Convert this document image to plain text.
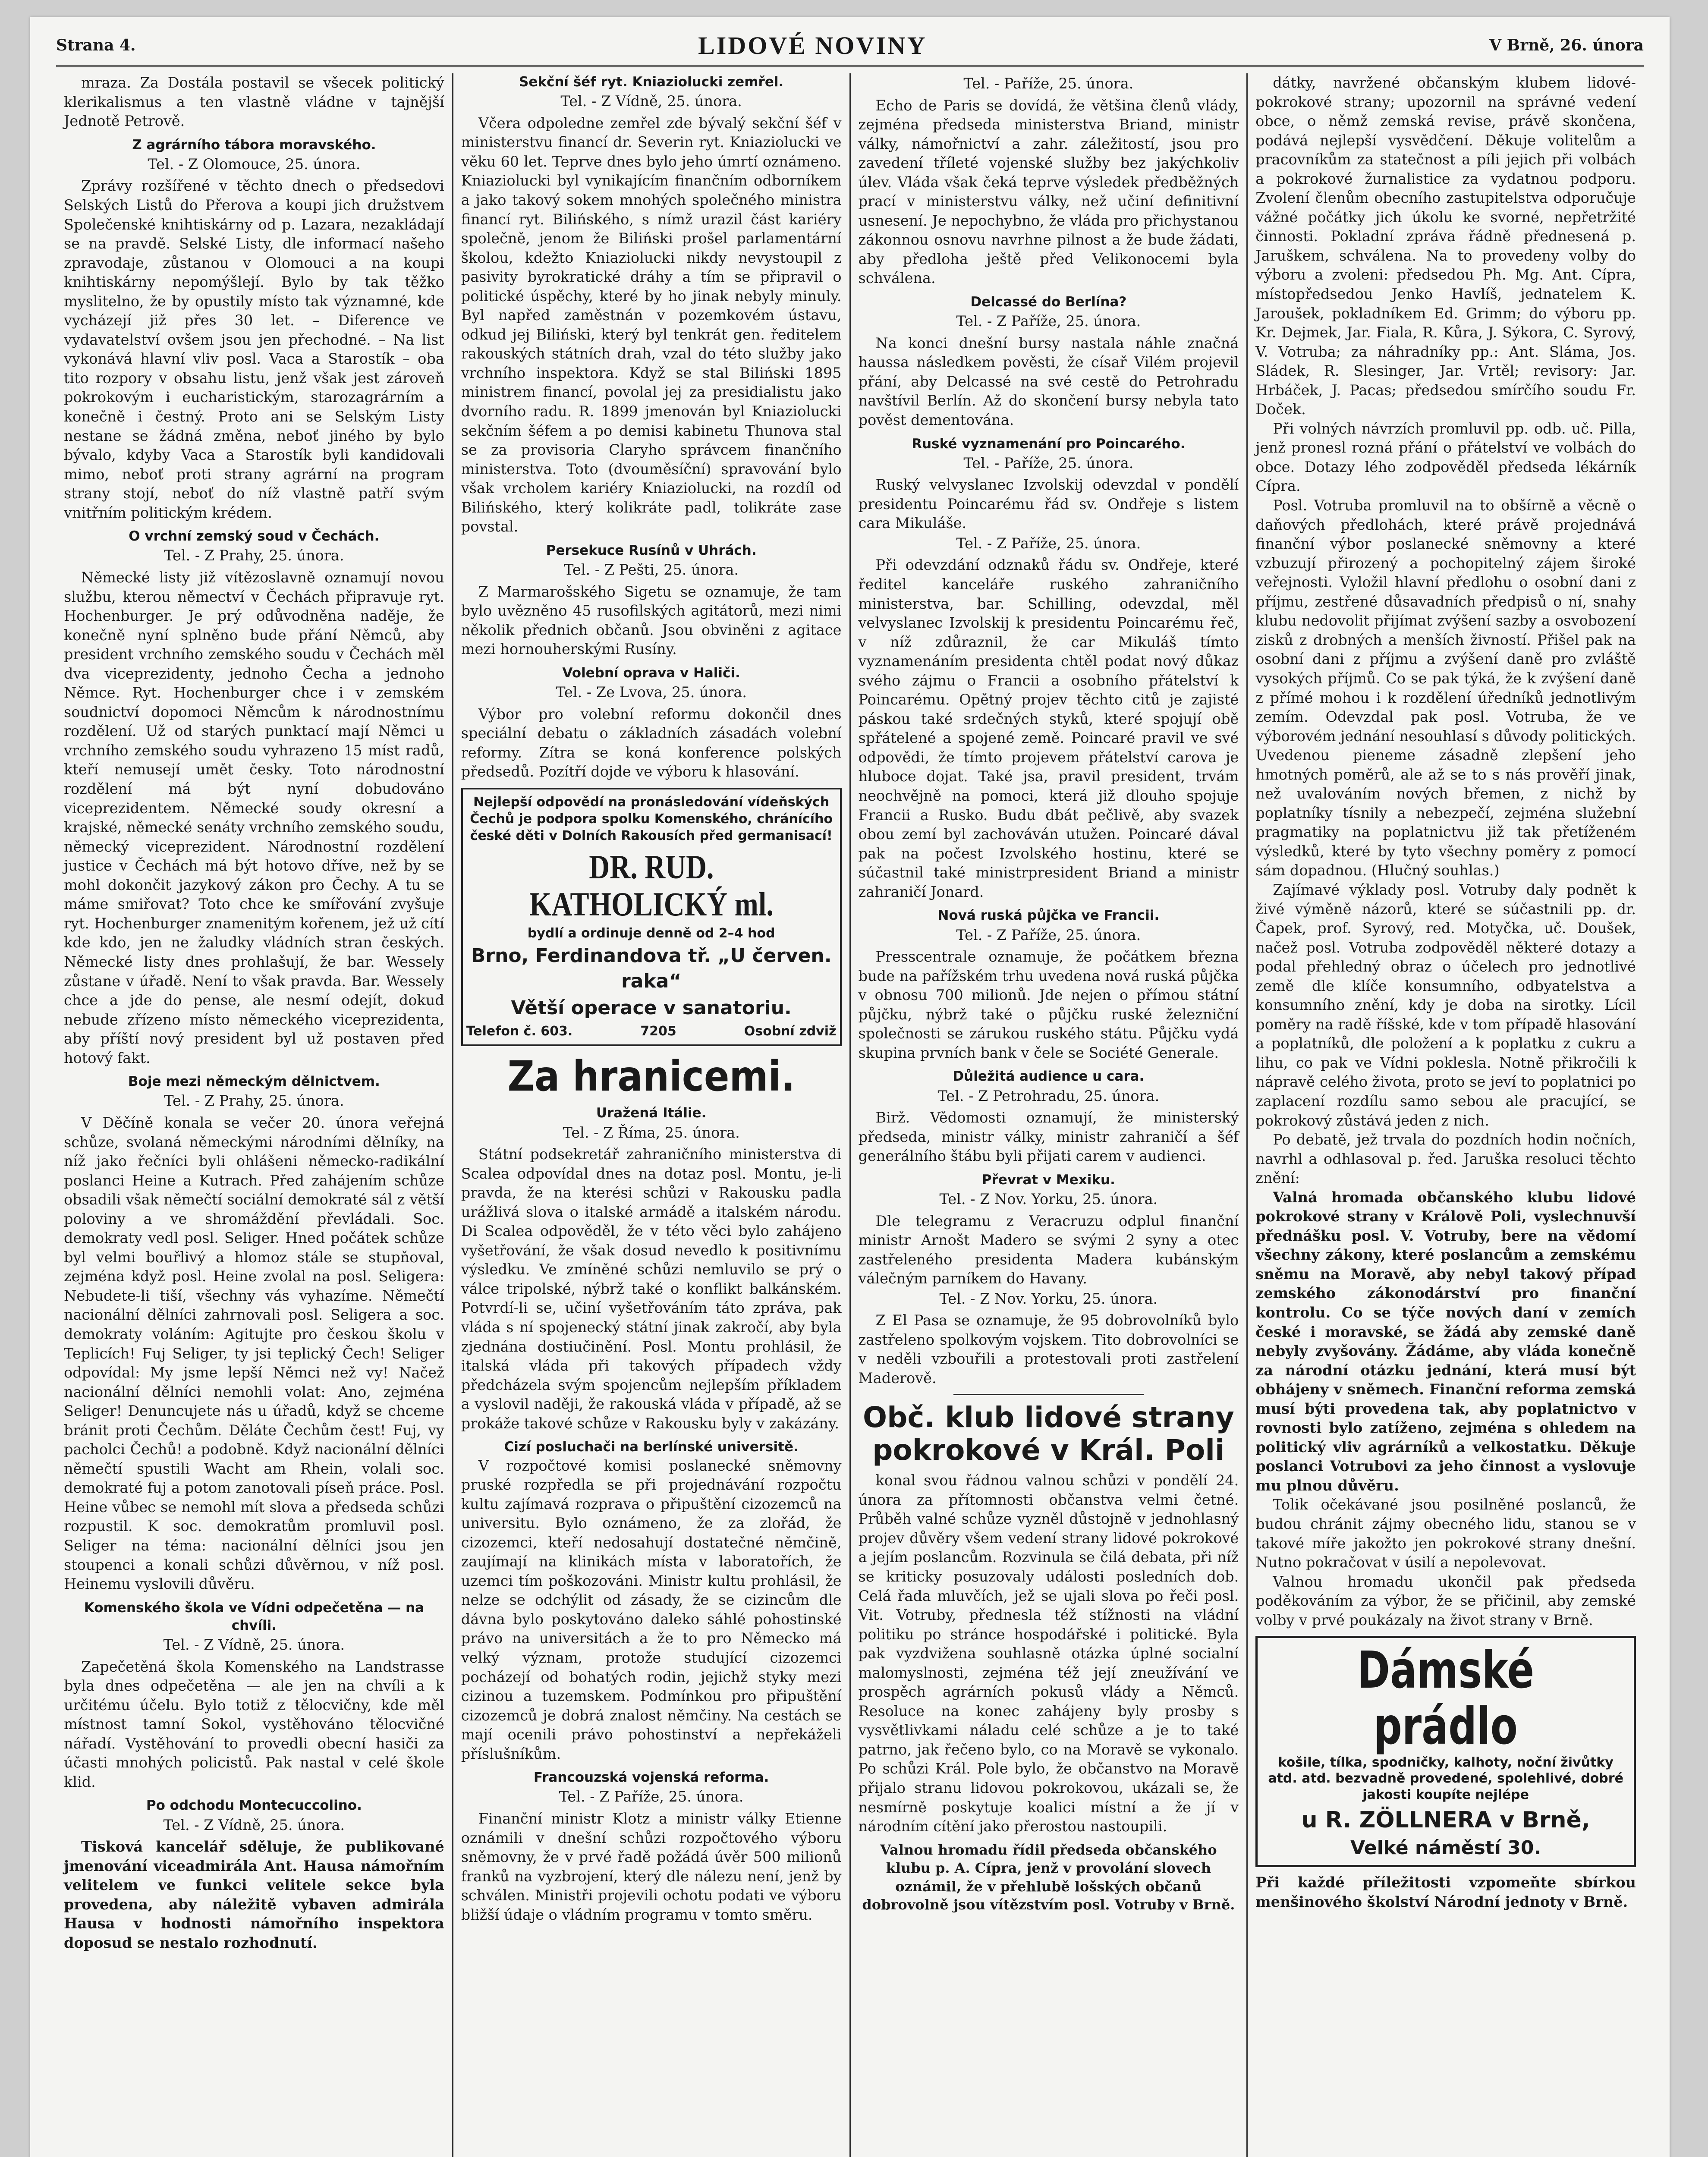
Strana 4.	LIDOVÉ NOVINY	V Brně, 26. února

mraza. Za Dostála postavil se všecek politický klerikalismus a ten vlastně vládne v tajnější Jednotě Petrově.

Z agrárního tábora moravského.
Tel. - Z Olomouce, 25. února.

Zprávy rozšířené v těchto dnech o předsedovi Selských Listů do Přerova a koupi jich družstvem Společenské knihtiskárny od p. Lazara, nezakládají se na pravdě. Selské Listy, dle informací našeho zpravodaje, zůstanou v Olomouci a na koupi knihtiskárny nepomýšlejí. Bylo by tak těžko myslitelno, že by opustily místo tak významné, kde vycházejí již přes 30 let. – Diference ve vydavatelství ovšem jsou jen přechodné. – Na list vykonává hlavní vliv posl. Vaca a Starostík – oba tito rozpory v obsahu listu, jenž však jest zároveň pokrokovým i eucharistickým, starozagrárním a konečně i čestný. Proto ani se Selským Listy nestane se žádná změna, neboť jiného by bylo bývalo, kdyby Vaca a Starostík byli kandidovali mimo, neboť proti strany agrární na program strany stojí, neboť do níž vlastně patří svým vnitřním politickým krédem.

O vrchní zemský soud v Čechách.
Tel. - Z Prahy, 25. února.

Německé listy již vítězoslavně oznamují novou službu, kterou němectví v Čechách připravuje ryt. Hochenburger. Je prý odůvodněna naděje, že konečně nyní splněno bude přání Němců, aby president vrchního zemského soudu v Čechách měl dva viceprezidenty, jednoho Čecha a jednoho Němce. Ryt. Hochenburger chce i v zemském soudnictví dopomoci Němcům k národnostnímu rozdělení. Už od starých punktací mají Němci u vrchního zemského soudu vyhrazeno 15 míst radů, kteří nemusejí umět česky. Toto národnostní rozdělení má být nyní dobudováno viceprezidentem. Německé soudy okresní a krajské, německé senáty vrchního zemského soudu, německý viceprezident. Národnostní rozdělení justice v Čechách má být hotovo dříve, než by se mohl dokončit jazykový zákon pro Čechy. A tu se máme smiřovat? Toto chce ke smířování zvyšuje ryt. Hochenburger znamenitým kořenem, jež už cítí kde kdo, jen ne žaludky vládních stran českých. Německé listy dnes prohlašují, že bar. Wessely zůstane v úřadě. Není to však pravda. Bar. Wessely chce a jde do pense, ale nesmí odejít, dokud nebude zřízeno místo německého viceprezidenta, aby příští nový president byl už postaven před hotový fakt.

Boje mezi německým dělnictvem.
Tel. - Z Prahy, 25. února.

V Děčíně konala se večer 20. února veřejná schůze, svolaná německými národními dělníky, na níž jako řečníci byli ohlášeni německo-radikální poslanci Heine a Kutrach. Před zahájením schůze obsadili však němečtí sociální demokraté sál z větší poloviny a ve shromáždění převládali. Soc. demokraty vedl posl. Seliger. Hned počátek schůze byl velmi bouřlivý a hlomoz stále se stupňoval, zejména když posl. Heine zvolal na posl. Seligera: Nebudete-li tiší, všechny vás vyhazíme. Němečtí nacionální dělníci zahrnovali posl. Seligera a soc. demokraty voláním: Agitujte pro českou školu v Teplicích! Fuj Seliger, ty jsi teplický Čech! Seliger odpovídal: My jsme lepší Němci než vy! Načež nacionální dělníci nemohli volat: Ano, zejména Seliger! Denuncujete nás u úřadů, když se chceme bránit proti Čechům. Děláte Čechům čest! Fuj, vy pacholci Čechů! a podobně. Když nacionální dělníci němečtí spustili Wacht am Rhein, volali soc. demokraté fuj a potom zanotovali píseň práce. Posl. Heine vůbec se nemohl mít slova a předseda schůzi rozpustil. K soc. demokratům promluvil posl. Seliger na téma: nacionální dělníci jsou jen stoupenci a konali schůzi důvěrnou, v níž posl. Heinemu vyslovili důvěru.

Komenského škola ve Vídni odpečetěna — na chvíli.
Tel. - Z Vídně, 25. února.

Zapečetěná škola Komenského na Landstrasse byla dnes odpečetěna — ale jen na chvíli a k určitému účelu. Bylo totiž z tělocvičny, kde měl místnost tamní Sokol, vystěhováno tělocvičné nářadí. Vystěhování to provedli obecní hasiči za účasti mnohých policistů. Pak nastal v celé škole klid.

Po odchodu Montecuccolino.
Tel. - Z Vídně, 25. února.

Tisková kancelář sděluje, že publikované jmenování viceadmirála Ant. Hausa námořním velitelem ve funkci velitele sekce byla provedena, aby náležitě vybaven admirála Hausa v hodnosti námořního inspektora doposud se nestalo rozhodnutí.

Sekční šéf ryt. Kniaziolucki zemřel.
Tel. - Z Vídně, 25. února.

Včera odpoledne zemřel zde bývalý sekční šéf v ministerstvu financí dr. Severin ryt. Kniaziolucki ve věku 60 let. Teprve dnes bylo jeho úmrtí oznámeno. Kniaziolucki byl vynikajícím finančním odborníkem a jako takový sokem mnohých společného ministra financí ryt. Bilińského, s nímž urazil část kariéry společně, jenom že Biliński prošel parlamentární školou, kdežto Kniaziolucki nikdy nevystoupil z pasivity byrokratické dráhy a tím se připravil o politické úspěchy, které by ho jinak nebyly minuly. Byl napřed zaměstnán v pozemkovém ústavu, odkud jej Biliński, který byl tenkrát gen. ředitelem rakouských státních drah, vzal do této služby jako vrchního inspektora. Když se stal Biliński 1895 ministrem financí, povolal jej za presidialistu jako dvorního radu. R. 1899 jmenován byl Kniaziolucki sekčním šéfem a po demisi kabinetu Thunova stal se za provisoria Claryho správcem finančního ministerstva. Toto (dvouměsíční) spravování bylo však vrcholem kariéry Kniaziolucki, na rozdíl od Bilińského, který kolikráte padl, tolikráte zase povstal.

Persekuce Rusínů v Uhrách.
Tel. - Z Pešti, 25. února.

Z Marmarošského Sigetu se oznamuje, že tam bylo uvězněno 45 rusofilských agitátorů, mezi nimi několik přednich občanů. Jsou obviněni z agitace mezi hornouherskými Rusíny.

Volební oprava v Haliči.
Tel. - Ze Lvova, 25. února.

Výbor pro volební reformu dokončil dnes speciální debatu o základních zásadách volební reformy. Zítra se koná konference polských předsedů. Pozítří dojde ve výboru k hlasování.

Nejlepší odpovědí na pronásledování vídeňských Čechů je podpora spolku Komenského, chránícího české děti v Dolních Rakousích před germanisací!
DR. RUD. KATHOLICKÝ ml.
bydlí a ordinuje denně od 2–4 hod
Brno, Ferdinandova tř. „U červen. raka“
Větší operace v sanatoriu.
Telefon č. 603.	7205	Osobní zdviž
Za hranicemi.
Uražená Itálie.
Tel. - Z Říma, 25. února.

Státní podsekretář zahraničního ministerstva di Scalea odpovídal dnes na dotaz posl. Montu, je-li pravda, že na kterési schůzi v Rakousku padla urážlivá slova o italské armádě a italském národu. Di Scalea odpověděl, že v této věci bylo zahájeno vyšetřování, že však dosud nevedlo k positivnímu výsledku. Ve zmíněné schůzi nemluvilo se prý o válce tripolské, nýbrž také o konflikt balkánském. Potvrdí-li se, učiní vyšetřováním táto zpráva, pak vláda s ní spojenecký státní jinak zakročí, aby byla zjednána dostiučinění. Posl. Montu prohlásil, že italská vláda při takových případech vždy předcházela svým spojencům nejlepším příkladem a vyslovil naději, že rakouská vláda v případě, až se prokáže takové schůze v Rakousku byly v zakázány.

Cizí posluchači na berlínské universitě.

V rozpočtové komisi poslanecké sněmovny pruské rozpředla se při projednávání rozpočtu kultu zajímavá rozprava o připuštění cizozemců na universitu. Bylo oznámeno, že za zlořád, že cizozemci, kteří nedosahují dostatečné němčině, zaujímají na klinikách místa v laboratořích, že uzemci tím poškozováni. Ministr kultu prohlásil, že nelze se odchýlit od zásady, že se cizincům dle dávna bylo poskytováno daleko sáhlé pohostinské právo na universitách a že to pro Německo má velký význam, protože studující cizozemci pocházejí od bohatých rodin, jejichž styky mezi cizinou a tuzemskem. Podmínkou pro připuštění cizozemců je dobrá znalost němčiny. Na cestách se mají ocenili právo pohostinství a nepřekáželi příslušníkům.

Francouzská vojenská reforma.
Tel. - Z Paříže, 25. února.

Finanční ministr Klotz a ministr války Etienne oznámili v dnešní schůzi rozpočtového výboru sněmovny, že v prvé řadě požádá úvěr 500 milionů franků na vyzbrojení, který dle nálezu není, jenž by schválen. Ministři projevili ochotu podati ve výboru bližší údaje o vládním programu v tomto směru.

Tel. - Paříže, 25. února.

Echo de Paris se dovídá, že většina členů vlády, zejména předseda ministerstva Briand, ministr války, námořnictví a zahr. záležitostí, jsou pro zavedení tříleté vojenské služby bez jakýchkoliv úlev. Vláda však čeká teprve výsledek předběžných prací v ministerstvu války, než učiní definitivní usnesení. Je nepochybno, že vláda pro přichystanou zákonnou osnovu navrhne pilnost a že bude žádati, aby předloha ještě před Velikonocemi byla schválena.

Delcassé do Berlína?
Tel. - Z Paříže, 25. února.

Na konci dnešní bursy nastala náhle značná haussa následkem pověsti, že císař Vilém projevil přání, aby Delcassé na své cestě do Petrohradu navštívil Berlín. Až do skončení bursy nebyla tato pověst dementována.

Ruské vyznamenání pro Poincarého.
Tel. - Paříže, 25. února.

Ruský velvyslanec Izvolskij odevzdal v pondělí presidentu Poincarému řád sv. Ondřeje s listem cara Mikuláše.

Tel. - Z Paříže, 25. února.

Při odevzdání odznaků řádu sv. Ondřeje, které ředitel kanceláře ruského zahraničního ministerstva, bar. Schilling, odevzdal, měl velvyslanec Izvolskij k presidentu Poincarému řeč, v níž zdůraznil, že car Mikuláš tímto vyznamenáním presidenta chtěl podat nový důkaz svého zájmu o Francii a osobního přátelství k Poincarému. Opětný projev těchto citů je zajisté páskou také srdečných styků, které spojují obě spřátelené a spojené země. Poincaré pravil ve své odpovědi, že tímto projevem přátelství carova je hluboce dojat. Také jsa, pravil president, trvám neochvějně na pomoci, která již dlouho spojuje Francii a Rusko. Budu dbát pečlivě, aby svazek obou zemí byl zachováván utužen. Poincaré dával pak na počest Izvolského hostinu, které se súčastnil také ministrpresident Briand a ministr zahraničí Jonard.

Nová ruská půjčka ve Francii.
Tel. - Z Paříže, 25. února.

Presscentrale oznamuje, že počátkem března bude na pařížském trhu uvedena nová ruská půjčka v obnosu 700 milionů. Jde nejen o přímou státní půjčku, nýbrž také o půjčku ruské železniční společnosti se zárukou ruského státu. Půjčku vydá skupina prvních bank v čele se Société Generale.

Důležitá audience u cara.
Tel. - Z Petrohradu, 25. února.

Birž. Vědomosti oznamují, že ministerský předseda, ministr války, ministr zahraničí a šéf generálního štábu byli přijati carem v audienci.

Převrat v Mexiku.
Tel. - Z Nov. Yorku, 25. února.

Dle telegramu z Veracruzu odplul finanční ministr Arnošt Madero se svými 2 syny a otec zastřeleného presidenta Madera kubánským válečným parníkem do Havany.

Tel. - Z Nov. Yorku, 25. února.

Z El Pasa se oznamuje, že 95 dobrovolníků bylo zastřeleno spolkovým vojskem. Tito dobrovolníci se v neděli vzbouřili a protestovali proti zastřelení Maderově.

Obč. klub lidové strany pokrokové v Král. Poli

konal svou řádnou valnou schůzi v pondělí 24. února za přítomnosti občanstva velmi četné. Průběh valné schůze vyzněl důstojně v jednohlasný projev důvěry všem vedení strany lidové pokrokové a jejím poslancům. Rozvinula se čilá debata, při níž se kriticky posuzovaly události posledních dob. Celá řada mluvčích, jež se ujali slova po řeči posl. Vit. Votruby, přednesla též stížnosti na vládní politiku po stránce hospodářské i politické. Byla pak vyzdvižena souhlasně otázka úplné socialní malomyslnosti, zejména též její zneužívání ve prospěch agrárních pokusů vlády a Němců. Resoluce na konec zahájeny byly prosby s vysvětlivkami náladu celé schůze a je to také patrno, jak řečeno bylo, co na Moravě se vykonalo. Po schůzi Král. Pole bylo, že občanstvo na Moravě přijalo stranu lidovou pokrokovou, ukázali se, že nesmírně poskytuje koalici místní a že jí v národním cítění jako přerostou nastoupili.

Valnou hromadu řídil předseda občanského klubu p. A. Cípra, jenž v provolání slovech oznámil, že v přehlubě lošských občanů dobrovolně jsou vítězstvím posl. Votruby v Brně.

dátky, navržené občanským klubem lidové-pokrokové strany; upozornil na správné vedení obce, o němž zemská revise, právě skončena, podává nejlepší vysvědčení. Děkuje volitelům a pracovníkům za statečnost a píli jejich při volbách a pokrokové žurnalistice za vydatnou podporu. Zvolení členům obecního zastupitelstva odporučuje vážné počátky jich úkolu ke svorné, nepřetržité činnosti. Pokladní zpráva řádně přednesená p. Jaruškem, schválena. Na to provedeny volby do výboru a zvoleni: předsedou Ph. Mg. Ant. Cípra, místopředsedou Jenko Havlíš, jednatelem K. Jaroušek, pokladníkem Ed. Grimm; do výboru pp. Kr. Dejmek, Jar. Fiala, R. Kůra, J. Sýkora, C. Syrový, V. Votruba; za náhradníky pp.: Ant. Sláma, Jos. Sládek, R. Slesinger, Jar. Vrtěl; revisory: Jar. Hrbáček, J. Pacas; předsedou smírčího soudu Fr. Doček.

Při volných návrzích promluvil pp. odb. uč. Pilla, jenž pronesl rozná přání o přátelství ve volbách do obce. Dotazy lého zodpověděl předseda lékárník Cípra.

Posl. Votruba promluvil na to obšírně a věcně o daňových předlohách, které právě projednává finanční výbor poslanecké sněmovny a které vzbuzují přirozený a pochopitelný zájem široké veřejnosti. Vyložil hlavní předlohu o osobní dani z příjmu, zestřené důsavadních předpisů o ní, snahy klubu nedovolit přijímat zvýšení sazby a osvobození zisků z drobných a menších živností. Přišel pak na osobní dani z příjmu a zvýšení daně pro zvláště vysokých příjmů. Co se pak týká, že k zvýšení daně z přímé mohou i k rozdělení úředníků jednotlivým zemím. Odevzdal pak posl. Votruba, že ve výborovém jednání nesouhlasí s důvody politických. Uvedenou pieneme zásadně zlepšení jeho hmotných poměrů, ale až se to s nás prověří jinak, než uvalováním nových břemen, z nichž by poplatníky tísnily a nebezpečí, zejména služební pragmatiky na poplatnictvu již tak přetíženém výsledků, které by tyto všechny poměry z pomocí sám dopadnou. (Hlučný souhlas.)

Zajímavé výklady posl. Votruby daly podnět k živé výměně názorů, které se súčastnili pp. dr. Čapek, prof. Syrový, red. Motyčka, uč. Doušek, načež posl. Votruba zodpověděl některé dotazy a podal přehledný obraz o účelech pro jednotlivé země dle klíče konsumního, odbyatelstva a konsumního znění, kdy je doba na sirotky. Lícil poměry na radě říšské, kde v tom případě hlasování a poplatníků, dle položení a k poplatku z cukru a lihu, co pak ve Vídni poklesla. Notně přikročili k nápravě celého života, proto se jeví to poplatnici po zaplacení rozdílu samo sebou ale pracující, se pokrokový zůstává jeden z nich.

Po debatě, jež trvala do pozdních hodin nočních, navrhl a odhlasoval p. řed. Jaruška resoluci těchto znění:

Valná hromada občanského klubu lidové pokrokové strany v Králově Poli, vyslechnuvší přednášku posl. V. Votruby, bere na vědomí všechny zákony, které poslancům a zemskému sněmu na Moravě, aby nebyl takový případ zemského zákonodárství pro finanční kontrolu. Co se týče nových daní v zemích české i moravské, se žádá aby zemské daně nebyly zvyšovány. Žádáme, aby vláda konečně za národní otázku jednání, která musí být obhájeny v sněmech. Finanční reforma zemská musí býti provedena tak, aby poplatnictvo v rovnosti bylo zatíženo, zejména s ohledem na politický vliv agrárníků a velkostatku. Děkuje poslanci Votrubovi za jeho činnost a vyslovuje mu plnou důvěru.

Tolik očekávané jsou posilněné poslanců, že budou chránit zájmy obecného lidu, stanou se v takové míře jakožto jen pokrokové strany dnešní. Nutno pokračovat v úsilí a nepolevovat.

Valnou hromadu ukončil pak předseda poděkováním za výbor, že se přičinil, aby zemské volby v prvé poukázaly na život strany v Brně.

Dámské prádlo
košile, tílka, spodničky, kalhoty, noční živůtky atd. atd. bezvadně provedené, spolehlivé, dobré jakosti koupíte nejlépe
u R. ZÖLLNERA v Brně,
Velké náměstí 30.

Při každé příležitosti vzpomeňte sbírkou menšinového školství Národní jednoty v Brně.
